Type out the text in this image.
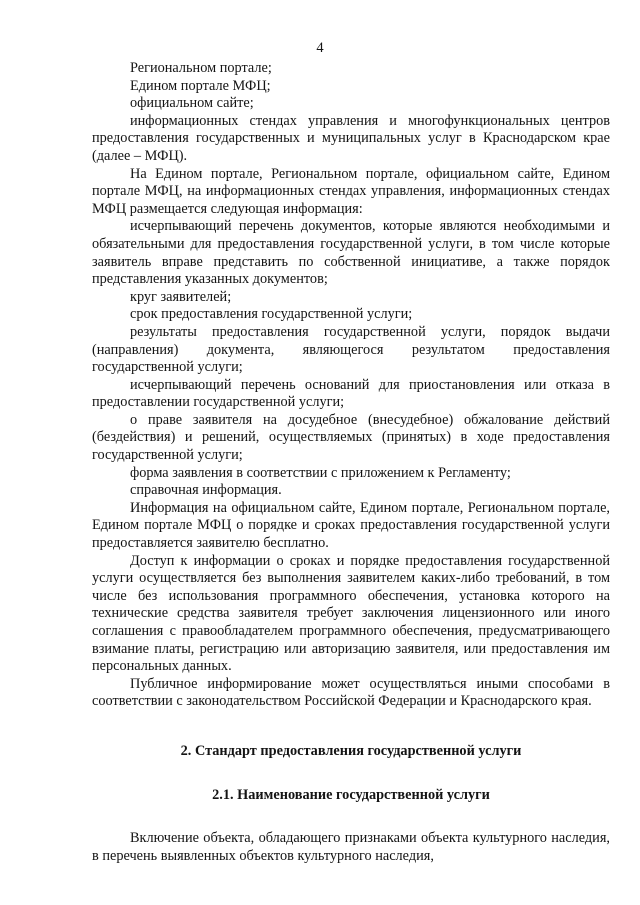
4

Региональном портале;

Едином портале МФЦ;

официальном сайте;

информационных стендах управления и многофункциональных центров предоставления государственных и муниципальных услуг в Краснодарском крае (далее – МФЦ).

На Едином портале, Региональном портале, официальном сайте, Едином портале МФЦ, на информационных стендах управления, информационных стендах МФЦ размещается следующая информация:

исчерпывающий перечень документов, которые являются необходимыми и обязательными для предоставления государственной услуги, в том числе которые заявитель вправе представить по собственной инициативе, а также порядок представления указанных документов;

круг заявителей;

срок предоставления государственной услуги;

результаты предоставления государственной услуги, порядок выдачи (направления) документа, являющегося результатом предоставления государственной услуги;

исчерпывающий перечень оснований для приостановления или отказа в предоставлении государственной услуги;

о праве заявителя на досудебное (внесудебное) обжалование действий (бездействия) и решений, осуществляемых (принятых) в ходе предоставления государственной услуги;

форма заявления в соответствии с приложением к Регламенту;

справочная информация.

Информация на официальном сайте, Едином портале, Региональном портале, Едином портале МФЦ о порядке и сроках предоставления государственной услуги предоставляется заявителю бесплатно.

Доступ к информации о сроках и порядке предоставления государственной услуги осуществляется без выполнения заявителем каких-либо требований, в том числе без использования программного обеспечения, установка которого на технические средства заявителя требует заключения лицензионного или иного соглашения с правообладателем программного обеспечения, предусматривающего взимание платы, регистрацию или авторизацию заявителя, или предоставления им персональных данных.

Публичное информирование может осуществляться иными способами в соответствии с законодательством Российской Федерации и Краснодарского края.

2. Стандарт предоставления государственной услуги

2.1. Наименование государственной услуги

Включение объекта, обладающего признаками объекта культурного наследия, в перечень выявленных объектов культурного наследия,
